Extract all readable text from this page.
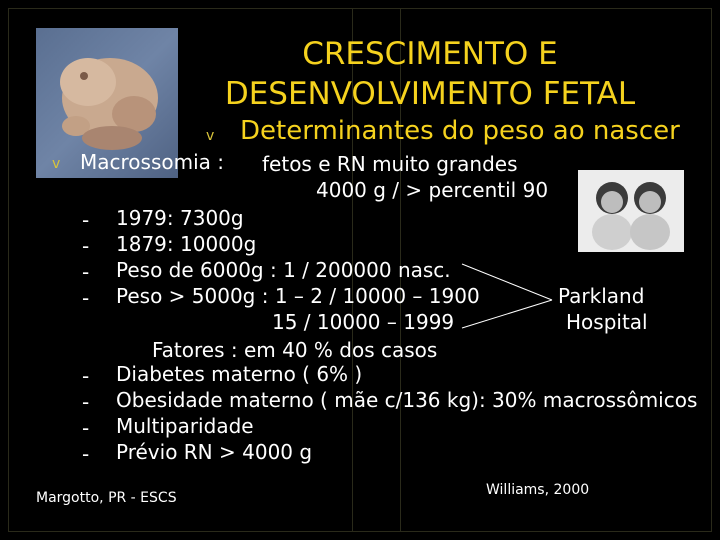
CRESCIMENTO E
DESENVOLVIMENTO FETAL
v Determinantes do peso ao nascer
v Macrossomia : fetos e RN muito grandes
4000 g / > percentil 90
- 1979: 7300g
- 1879: 10000g
- Peso de 6000g : 1 / 200000 nasc.
- Peso > 5000g : 1 – 2 / 10000 – 1900
15 / 10000 – 1999
Parkland
Hospital
Fatores : em 40 % dos casos
- Diabetes materno ( 6% )
- Obesidade materno ( mãe c/136 kg): 30% macrossômicos
- Multiparidade
- Prévio RN > 4000 g
Williams, 2000
Margotto, PR - ESCS
